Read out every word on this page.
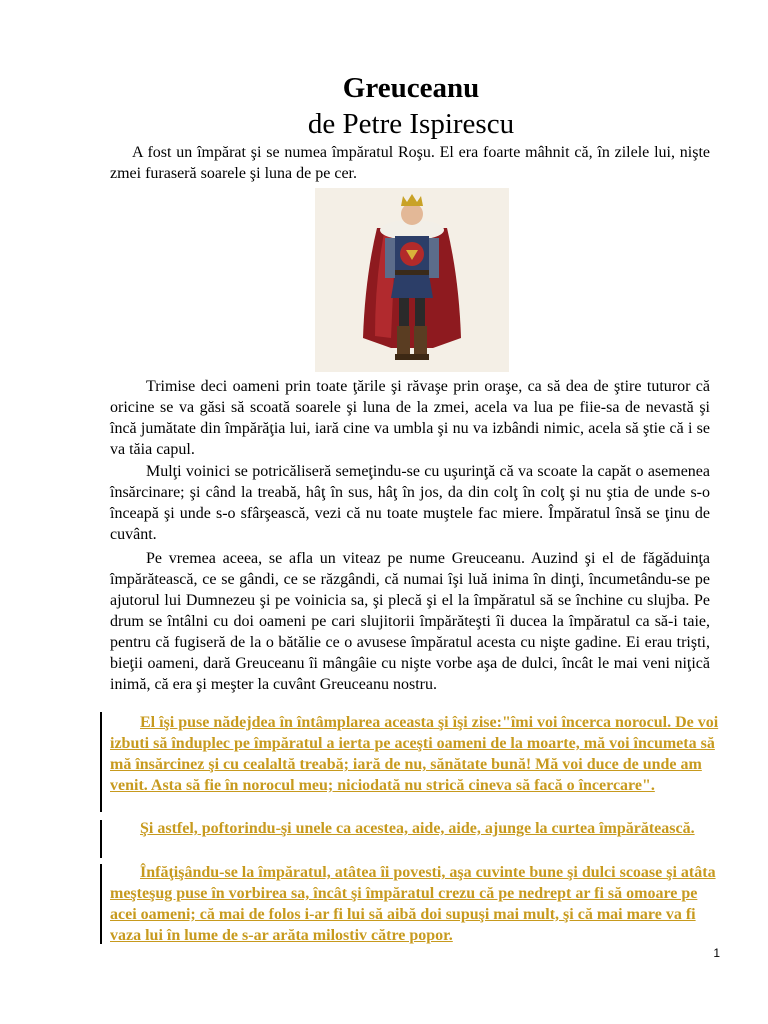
Greuceanu
de Petre Ispirescu

A fost un împărat şi se numea împăratul Roşu. El era foarte mâhnit că, în zilele lui, nişte zmei furaseră soarele şi luna de pe cer.

Trimise deci oameni prin toate ţările şi răvaşe prin oraşe, ca să dea de ştire tuturor că oricine se va găsi să scoată soarele şi luna de la zmei, acela va lua pe fiie-sa de nevastă şi încă jumătate din împărăţia lui, iară cine va umbla şi nu va izbândi nimic, acela să ştie că i se va tăia capul.

Mulţi voinici se potricăliseră semeţindu-se cu uşurinţă că va scoate la capăt o asemenea însărcinare; şi când la treabă, hâţ în sus, hâţ în jos, da din colţ în colţ şi nu ştia de unde s-o înceapă şi unde s-o sfârşească, vezi că nu toate muştele fac miere. Împăratul însă se ţinu de cuvânt.

Pe vremea aceea, se afla un viteaz pe nume Greuceanu. Auzind şi el de făgăduinţa împărătească, ce se gândi, ce se răzgândi, că numai îşi luă inima în dinţi, încumetându-se pe ajutorul lui Dumnezeu şi pe voinicia sa, şi plecă şi el la împăratul să se închine cu slujba. Pe drum se întâlni cu doi oameni pe cari slujitorii împărăteşti îi ducea la împăratul ca să-i taie, pentru că fugiseră de la o bătălie ce o avusese împăratul acesta cu nişte gadine. Ei erau trişti, bieţii oameni, dară Greuceanu îi mângâie cu nişte vorbe aşa de dulci, încât le mai veni niţică inimă, că era şi meşter la cuvânt Greuceanu nostru.

El îşi puse nădejdea în întâmplarea aceasta şi îşi zise:"îmi voi încerca norocul. De voi izbuti să înduplec pe împăratul a ierta pe aceşti oameni de la moarte, mă voi încumeta să mă însărcinez şi cu cealaltă treabă; iară de nu, sănătate bună! Mă voi duce de unde am venit. Asta să fie în norocul meu; niciodată nu strică cineva să facă o încercare".

Şi astfel, poftorindu-şi unele ca acestea, aide, aide, ajunge la curtea împărătească.

Înfăţişându-se la împăratul, atâtea îi povesti, aşa cuvinte bune şi dulci scoase şi atâta meşteşug puse în vorbirea sa, încât şi împăratul crezu că pe nedrept ar fi să omoare pe acei oameni; că mai de folos i-ar fi lui să aibă doi supuşi mai mult, şi că mai mare va fi vaza lui în lume de s-ar arăta milostiv către popor.

1
